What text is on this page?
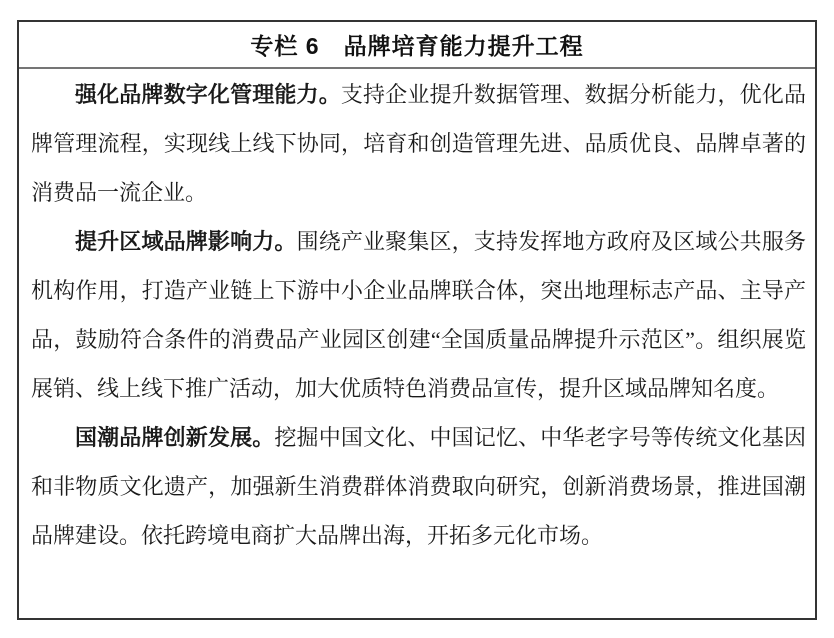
专栏 6　品牌培育能力提升工程

强化品牌数字化管理能力。支持企业提升数据管理、数据分析能力，优化品牌管理流程，实现线上线下协同，培育和创造管理先进、品质优良、品牌卓著的消费品一流企业。

提升区域品牌影响力。围绕产业聚集区，支持发挥地方政府及区域公共服务机构作用，打造产业链上下游中小企业品牌联合体，突出地理标志产品、主导产品，鼓励符合条件的消费品产业园区创建“全国质量品牌提升示范区”。组织展览展销、线上线下推广活动，加大优质特色消费品宣传，提升区域品牌知名度。

国潮品牌创新发展。挖掘中国文化、中国记忆、中华老字号等传统文化基因和非物质文化遗产，加强新生消费群体消费取向研究，创新消费场景，推进国潮品牌建设。依托跨境电商扩大品牌出海，开拓多元化市场。
